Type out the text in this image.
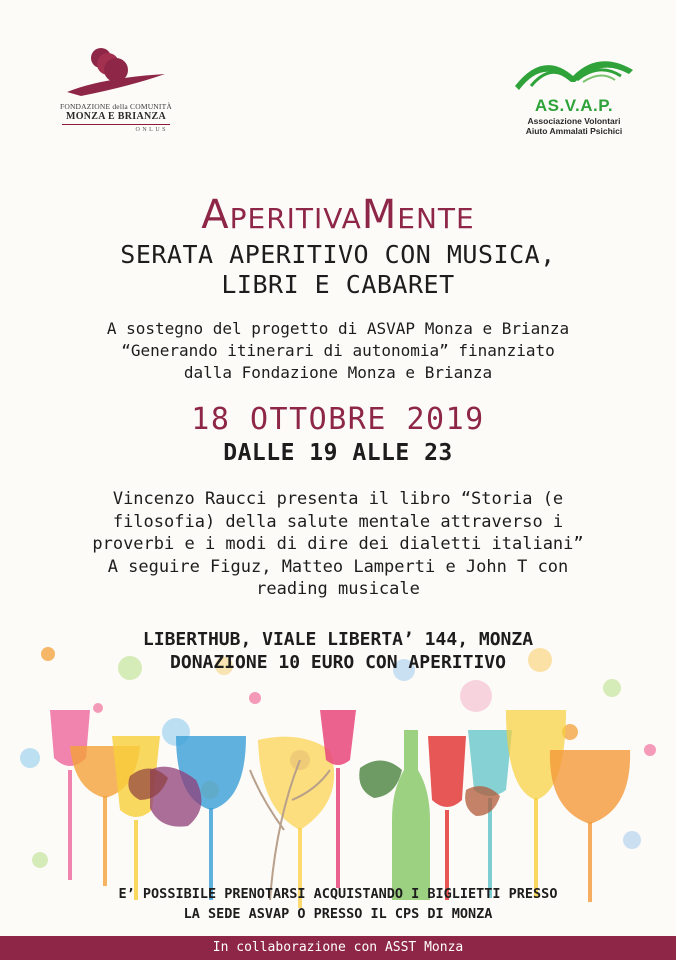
FONDAZIONE della COMUNITÀ
MONZA E BRIANZA
ONLUS
AS.V.A.P.
Associazione Volontari
Aiuto Ammalati Psichici
AperitivaMente
SERATA APERITIVO CON MUSICA,
LIBRI E CABARET
A sostegno del progetto di ASVAP Monza e Brianza
“Generando itinerari di autonomia” finanziato
dalla Fondazione Monza e Brianza
18 OTTOBRE 2019
DALLE 19 ALLE 23
Vincenzo Raucci presenta il libro “Storia (e
filosofia) della salute mentale attraverso i
proverbi e i modi di dire dei dialetti italiani”
A seguire Figuz, Matteo Lamperti e John T con
reading musicale
LIBERTHUB, VIALE LIBERTA’ 144, MONZA
DONAZIONE 10 EURO CON APERITIVO
E’ POSSIBILE PRENOTARSI ACQUISTANDO I BIGLIETTI PRESSO
LA SEDE ASVAP O PRESSO IL CPS DI MONZA
In collaborazione con ASST Monza
